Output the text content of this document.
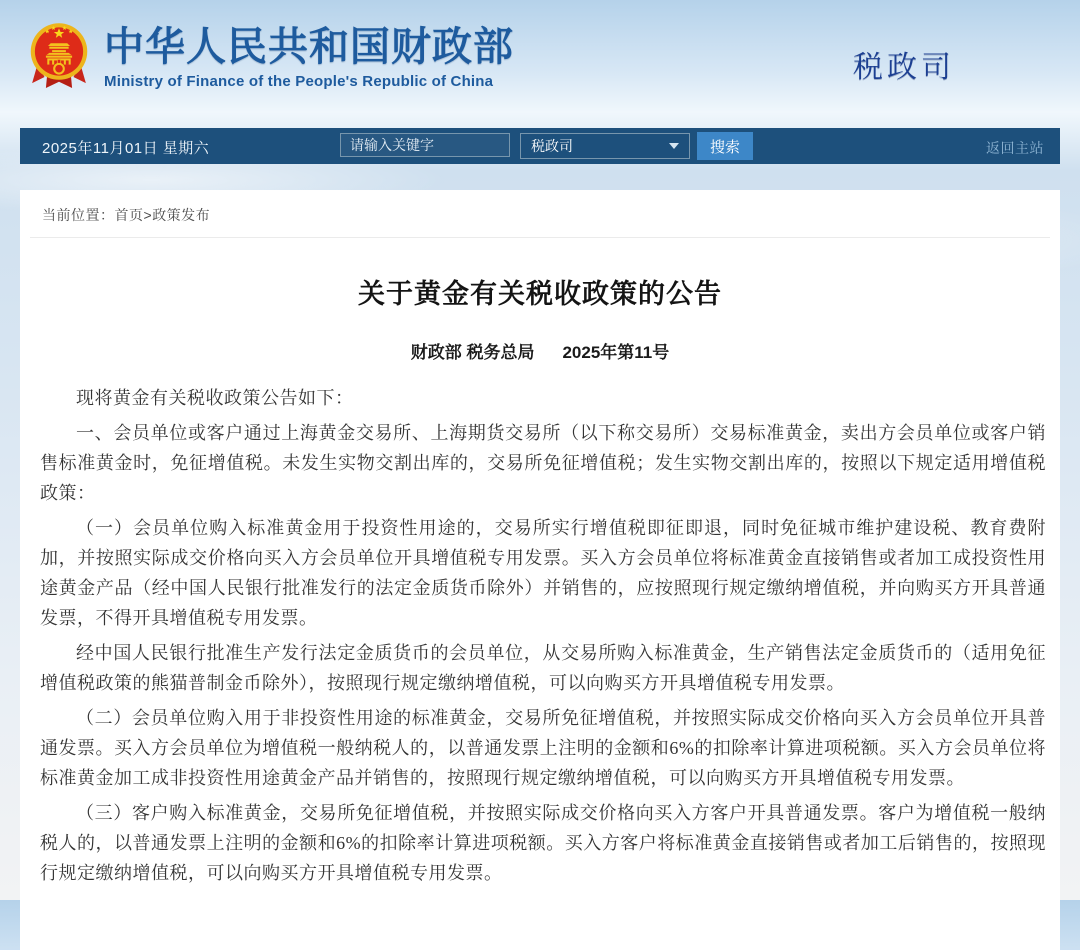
中华人民共和国财政部
Ministry of Finance of the People's Republic of China	税政司
2025年11月01日 星期六
请输入关键字	税政司	搜索	返回主站
当前位置：首页>政策发布
关于黄金有关税收政策的公告
财政部 税务总局 2025年第11号

现将黄金有关税收政策公告如下：

一、会员单位或客户通过上海黄金交易所、上海期货交易所（以下称交易所）交易标准黄金，卖出方会员单位或客户销售标准黄金时，免征增值税。未发生实物交割出库的，交易所免征增值税；发生实物交割出库的，按照以下规定适用增值税政策：

（一）会员单位购入标准黄金用于投资性用途的，交易所实行增值税即征即退，同时免征城市维护建设税、教育费附加，并按照实际成交价格向买入方会员单位开具增值税专用发票。买入方会员单位将标准黄金直接销售或者加工成投资性用途黄金产品（经中国人民银行批准发行的法定金质货币除外）并销售的，应按照现行规定缴纳增值税，并向购买方开具普通发票，不得开具增值税专用发票。

经中国人民银行批准生产发行法定金质货币的会员单位，从交易所购入标准黄金，生产销售法定金质货币的（适用免征增值税政策的熊猫普制金币除外），按照现行规定缴纳增值税，可以向购买方开具增值税专用发票。

（二）会员单位购入用于非投资性用途的标准黄金，交易所免征增值税，并按照实际成交价格向买入方会员单位开具普通发票。买入方会员单位为增值税一般纳税人的，以普通发票上注明的金额和6%的扣除率计算进项税额。买入方会员单位将标准黄金加工成非投资性用途黄金产品并销售的，按照现行规定缴纳增值税，可以向购买方开具增值税专用发票。

（三）客户购入标准黄金，交易所免征增值税，并按照实际成交价格向买入方客户开具普通发票。客户为增值税一般纳税人的，以普通发票上注明的金额和6%的扣除率计算进项税额。买入方客户将标准黄金直接销售或者加工后销售的，按照现行规定缴纳增值税，可以向购买方开具增值税专用发票。
